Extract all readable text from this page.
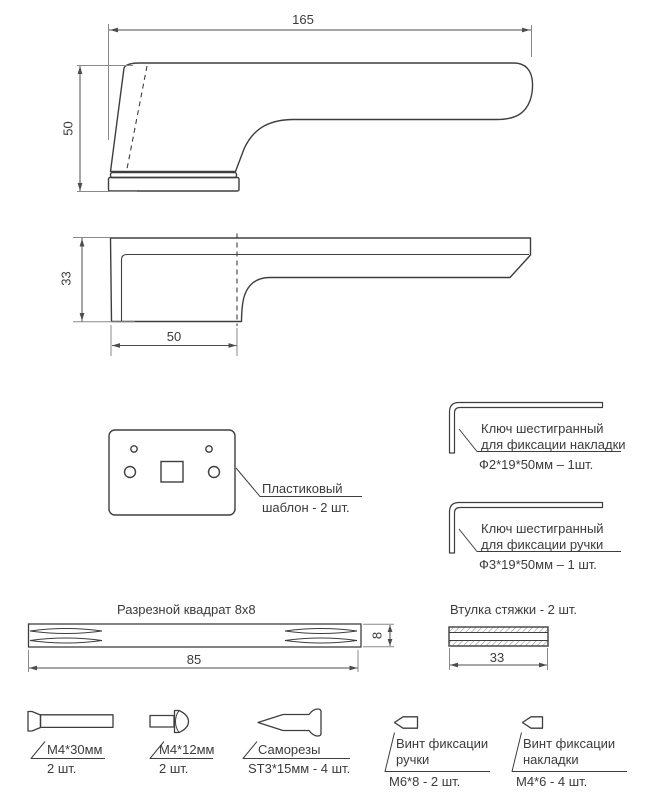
165
50
33
50
Пластиковый
шаблон - 2 шт.
Ключ шестигранный
для фиксации накладки
Ф2*19*50мм – 1шт.
Ключ шестигранный
для фиксации ручки
Ф3*19*50мм – 1 шт.
Разрезной квадрат 8x8
85
8
Втулка стяжки - 2 шт.
33
М4*30мм
2 шт.
М4*12мм
2 шт.
Саморезы
ST3*15мм - 4 шт.
Винт фиксации
ручки
М6*8 - 2 шт.
Винт фиксации
накладки
М4*6 - 4 шт.
